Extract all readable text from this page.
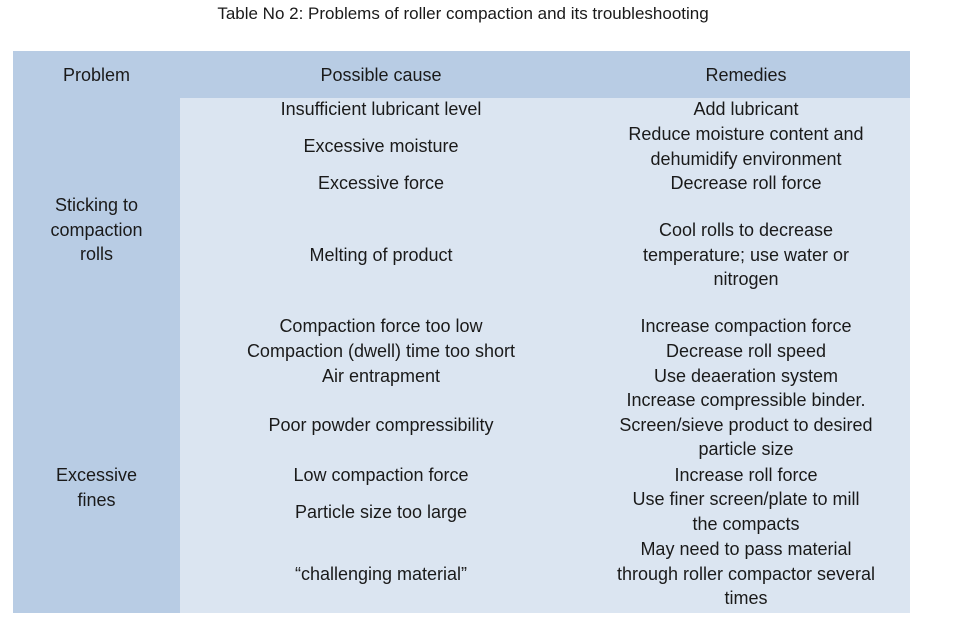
Table No 2: Problems of roller compaction and its troubleshooting
Problem	Possible cause	Remedies
Sticking to
compaction
rolls
Excessive
fines
Insufficient lubricant level
Excessive moisture
Excessive force
Melting of product
Compaction force too low
Compaction (dwell) time too short
Air entrapment
Poor powder compressibility
Low compaction force
Particle size too large
“challenging material”
Add lubricant
Reduce moisture content and
dehumidify environment
Decrease roll force
Cool rolls to decrease
temperature; use water or
nitrogen
Increase compaction force
Decrease roll speed
Use deaeration system
Increase compressible binder.
Screen/sieve product to desired
particle size
Increase roll force
Use finer screen/plate to mill
the compacts
May need to pass material
through roller compactor several
times
